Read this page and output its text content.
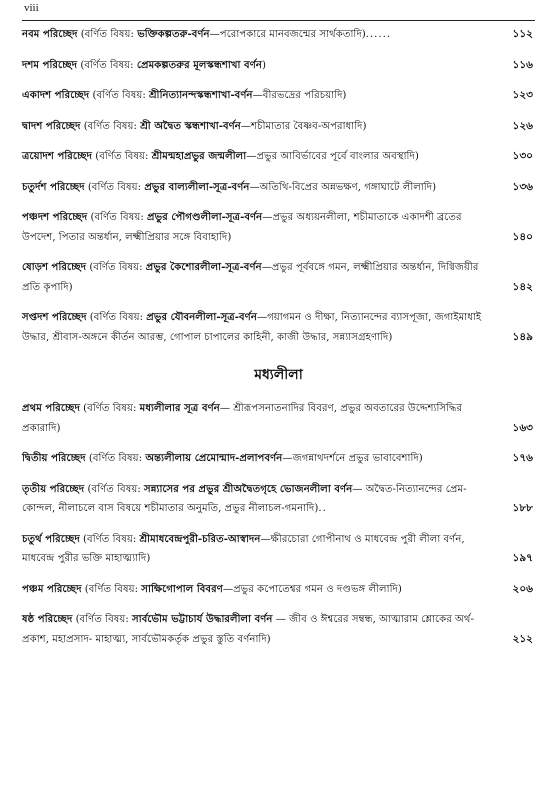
viii
নবম পরিচ্ছেদ (বর্ণিত বিষয়: ভক্তিকল্পতরু-বর্ণন—পরোপকারে মানবজন্মের সার্থকতাদি)......	১১২
দশম পরিচ্ছেদ (বর্ণিত বিষয়: প্রেমকল্পতরুর মূলস্কন্ধশাখা বর্ণন)	১১৬
একাদশ পরিচ্ছেদ (বর্ণিত বিষয়: শ্রীনিত্যানন্দস্কন্ধশাখা-বর্ণন—বীরভদ্রের পরিচয়াদি)	১২৩
দ্বাদশ পরিচ্ছেদ (বর্ণিত বিষয়: শ্রী অদ্বৈত স্কন্ধশাখা-বর্ণন—শচীমাতার বৈষ্ণব-অপরাধাদি)	১২৬
ত্রয়োদশ পরিচ্ছেদ (বর্ণিত বিষয়: শ্রীমন্মহাপ্রভুর জন্মলীলা—প্রভুর আবির্ভাবের পূর্বে বাংলার অবস্থাদি)	১৩০
চতুর্দশ পরিচ্ছেদ (বর্ণিত বিষয়: প্রভুর বাল্যলীলা-সূত্র-বর্ণন—অতিথি-বিপ্রের অন্নভক্ষণ, গঙ্গাঘাটে লীলাদি)	১৩৬
পঞ্চদশ পরিচ্ছেদ (বর্ণিত বিষয়: প্রভুর পৌগণ্ডলীলা-সূত্র-বর্ণন—প্রভুর অধ্যয়নলীলা, শচীমাতাকে একাদশী ব্রতের উপদেশ, পিতার অন্তর্ধান, লক্ষ্মীপ্রিয়ার সঙ্গে বিবাহাদি)	১৪০
ষোড়শ পরিচ্ছেদ (বর্ণিত বিষয়: প্রভুর কৈশোরলীলা-সূত্র-বর্ণন—প্রভুর পূর্ববঙ্গে গমন, লক্ষ্মীপ্রিয়ার অন্তর্ধান, দিগ্বিজয়ীর প্রতি কৃপাদি)	১৪২
সপ্তদশ পরিচ্ছেদ (বর্ণিত বিষয়: প্রভুর যৌবনলীলা-সূত্র-বর্ণন—গয়াগমন ও দীক্ষা, নিত্যানন্দের ব্যাসপূজা, জগাইমাধাই উদ্ধার, শ্রীবাস-অঙ্গনে কীর্তন আরম্ভ, গোপাল চাপালের কাহিনী, কাজী উদ্ধার, সন্ন্যাসগ্রহণাদি)	১৪৯
মধ্যলীলা
প্রথম পরিচ্ছেদ (বর্ণিত বিষয়: মধ্যলীলার সূত্র বর্ণন— শ্রীরূপসনাতনাদির বিবরণ, প্রভুর অবতারের উদ্দেশ্যসিদ্ধির প্রকারাদি)	১৬৩
দ্বিতীয় পরিচ্ছেদ (বর্ণিত বিষয়: অন্ত্যলীলায় প্রেমোন্মাদ-প্রলাপবর্ণন—জগন্নাথদর্শনে প্রভুর ভাবাবেশাদি)	১৭৬
তৃতীয় পরিচ্ছেদ (বর্ণিত বিষয়: সন্ন্যাসের পর প্রভুর শ্রীঅদ্বৈতগৃহে ভোজনলীলা বর্ণন— অদ্বৈত-নিত্যানন্দের প্রেম-কোন্দল, নীলাচলে বাস বিষয়ে শচীমাতার অনুমতি, প্রভুর নীলাচল-গমনাদি)..	১৮৮
চতুর্থ পরিচ্ছেদ (বর্ণিত বিষয়: শ্রীমাধবেন্দ্রপুরী-চরিত-আস্বাদন—ক্ষীরচোরা গোপীনাথ ও মাধবেন্দ্র পুরী লীলা বর্ণন, মাধবেন্দ্র পুরীর ভক্তি মাহাত্ম্যাদি)	১৯৭
পঞ্চম পরিচ্ছেদ (বর্ণিত বিষয়: সাক্ষিগোপাল বিবরণ—প্রভুর কপোতেশ্বর গমন ও দণ্ডভঙ্গ লীলাদি)	২০৬
ষষ্ঠ পরিচ্ছেদ (বর্ণিত বিষয়: সার্বভৌম ভট্টাচার্য উদ্ধারলীলা বর্ণন — জীব ও ঈশ্বরের সম্বন্ধ, আত্মারাম শ্লোকের অর্থ-প্রকাশ, মহাপ্রসাদ- মাহাত্ম্য, সার্বভৌমকর্তৃক প্রভুর স্তুতি বর্ণনাদি)	২১২
